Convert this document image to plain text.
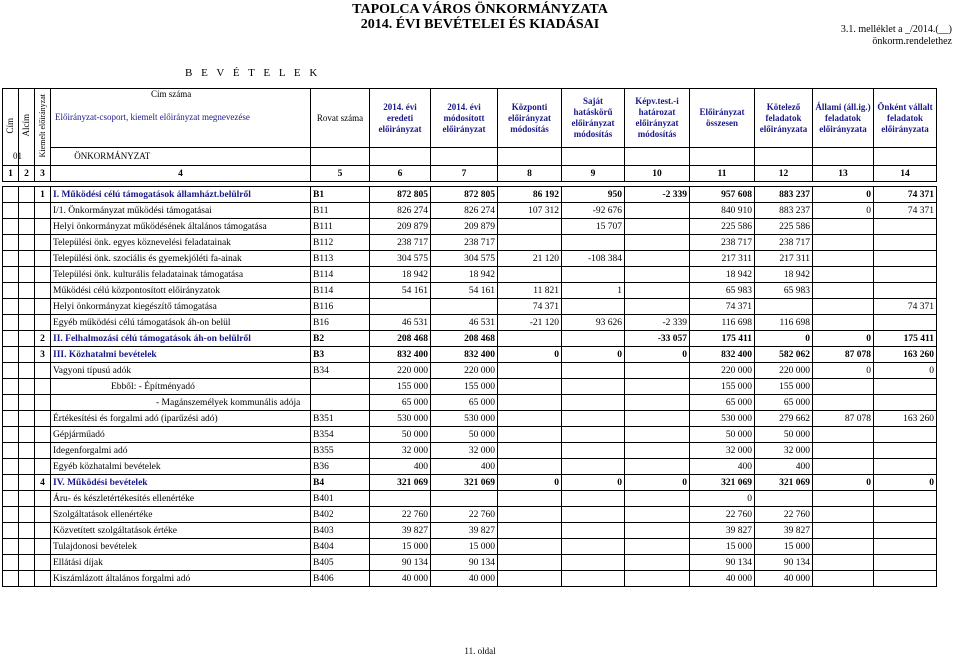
TAPOLCA VÁROS ÖNKORMÁNYZATA
2014. ÉVI BEVÉTELEI ÉS KIADÁSAI	3.1. melléklet a _/2014.(__)
önkorm.rendelethez
B E V É T E L E K
Cím	Alcím	Kiemelt előirányzat	Cím száma
Előirányzat-csoport, kiemelt előirányzat megnevezése	Rovat száma	2014. évi eredeti előirányzat	2014. évi módosított előirányzat	Központi előirányzat módosítás	Saját hatáskörű előirányzat módosítás	Képv.test.-i határozat előirányzat módosítás	Előirányzat összesen	Kötelező feladatok előirányzata	Állami (áll.ig.) feladatok előirányzata	Önként vállalt feladatok előirányzata
			01 ÖNKORMÁNYZAT										
1	2	3	4	5	6	7	8	9	10	11	12	13	14

		1	I. Működési célú támogatások államházt.belülről	B1	872 805	872 805	86 192	950	-2 339	957 608	883 237	0	74 371
			I/1. Önkormányzat működési támogatásai	B11	826 274	826 274	107 312	-92 676		840 910	883 237	0	74 371
			Helyi önkormányzat működésének általános támogatása	B111	209 879	209 879		15 707		225 586	225 586		
			Települési önk. egyes köznevelési feladatainak	B112	238 717	238 717				238 717	238 717		
			Települési önk. szociális és gyemekjóléti fa-ainak	B113	304 575	304 575	21 120	-108 384		217 311	217 311		
			Települési önk. kulturális feladatainak támogatása	B114	18 942	18 942				18 942	18 942		
			Működési célú központosított előirányzatok	B114	54 161	54 161	11 821	1		65 983	65 983		
			Helyi önkormányzat kiegészítő támogatása	B116			74 371			74 371			74 371
			Egyéb működési célú támogatások áh-on belül	B16	46 531	46 531	-21 120	93 626	-2 339	116 698	116 698		
		2	II. Felhalmozási célú támogatások áh-on belülről	B2	208 468	208 468			-33 057	175 411	0	0	175 411
		3	III. Közhatalmi bevételek	B3	832 400	832 400	0	0	0	832 400	582 062	87 078	163 260
			Vagyoni típusú adók	B34	220 000	220 000				220 000	220 000	0	0
			Ebből: - Építményadó		155 000	155 000				155 000	155 000		
			- Magánszemélyek kommunális adója		65 000	65 000				65 000	65 000		
			Értékesítési és forgalmi adó (iparűzési adó)	B351	530 000	530 000				530 000	279 662	87 078	163 260
			Gépjárműadó	B354	50 000	50 000				50 000	50 000		
			Idegenforgalmi adó	B355	32 000	32 000				32 000	32 000		
			Egyéb közhatalmi bevételek	B36	400	400				400	400		
		4	IV. Működési bevételek	B4	321 069	321 069	0	0	0	321 069	321 069	0	0
			Áru- és készletértékesítés ellenértéke	B401						0			
			Szolgáltatások ellenértéke	B402	22 760	22 760				22 760	22 760		
			Közvetített szolgáltatások értéke	B403	39 827	39 827				39 827	39 827		
			Tulajdonosi bevételek	B404	15 000	15 000				15 000	15 000		
			Ellátási díjak	B405	90 134	90 134				90 134	90 134		
			Kiszámlázott általános forgalmi adó	B406	40 000	40 000				40 000	40 000		
11. oldal
